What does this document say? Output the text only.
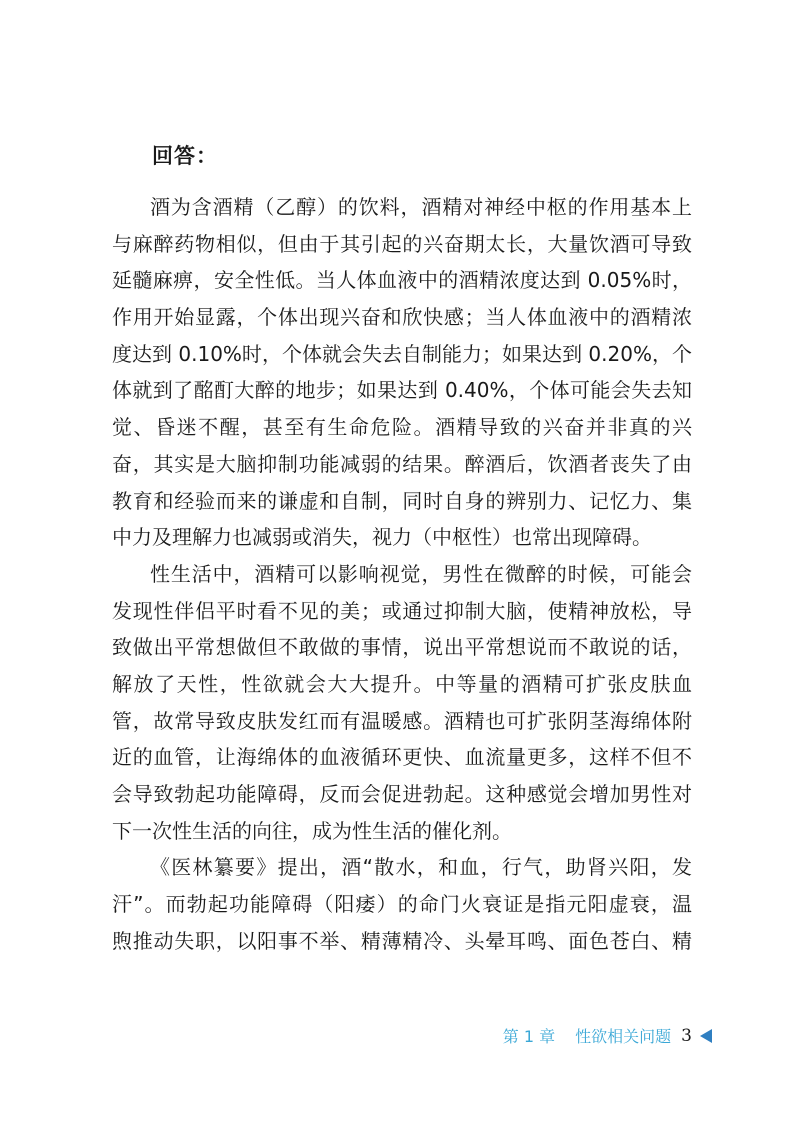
回答：
酒为含酒精（乙醇）的饮料，酒精对神经中枢的作用基本上
与麻醉药物相似，但由于其引起的兴奋期太长，大量饮酒可导致
延髓麻痹，安全性低。当人体血液中的酒精浓度达到 0.05%时，
作用开始显露，个体出现兴奋和欣快感；当人体血液中的酒精浓
度达到 0.10%时，个体就会失去自制能力；如果达到 0.20%，个
体就到了酩酊大醉的地步；如果达到 0.40%，个体可能会失去知
觉、昏迷不醒，甚至有生命危险。酒精导致的兴奋并非真的兴
奋，其实是大脑抑制功能减弱的结果。醉酒后，饮酒者丧失了由
教育和经验而来的谦虚和自制，同时自身的辨别力、记忆力、集
中力及理解力也减弱或消失，视力（中枢性）也常出现障碍。
性生活中，酒精可以影响视觉，男性在微醉的时候，可能会
发现性伴侣平时看不见的美；或通过抑制大脑，使精神放松，导
致做出平常想做但不敢做的事情，说出平常想说而不敢说的话，
解放了天性，性欲就会大大提升。中等量的酒精可扩张皮肤血
管，故常导致皮肤发红而有温暖感。酒精也可扩张阴茎海绵体附
近的血管，让海绵体的血液循环更快、血流量更多，这样不但不
会导致勃起功能障碍，反而会促进勃起。这种感觉会增加男性对
下一次性生活的向往，成为性生活的催化剂。
《医林纂要》提出，酒“散水，和血，行气，助肾兴阳，发
汗”。而勃起功能障碍（阳痿）的命门火衰证是指元阳虚衰，温
煦推动失职，以阳事不举、精薄精冷、头晕耳鸣、面色苍白、精
第 1 章 性欲相关问题 3
